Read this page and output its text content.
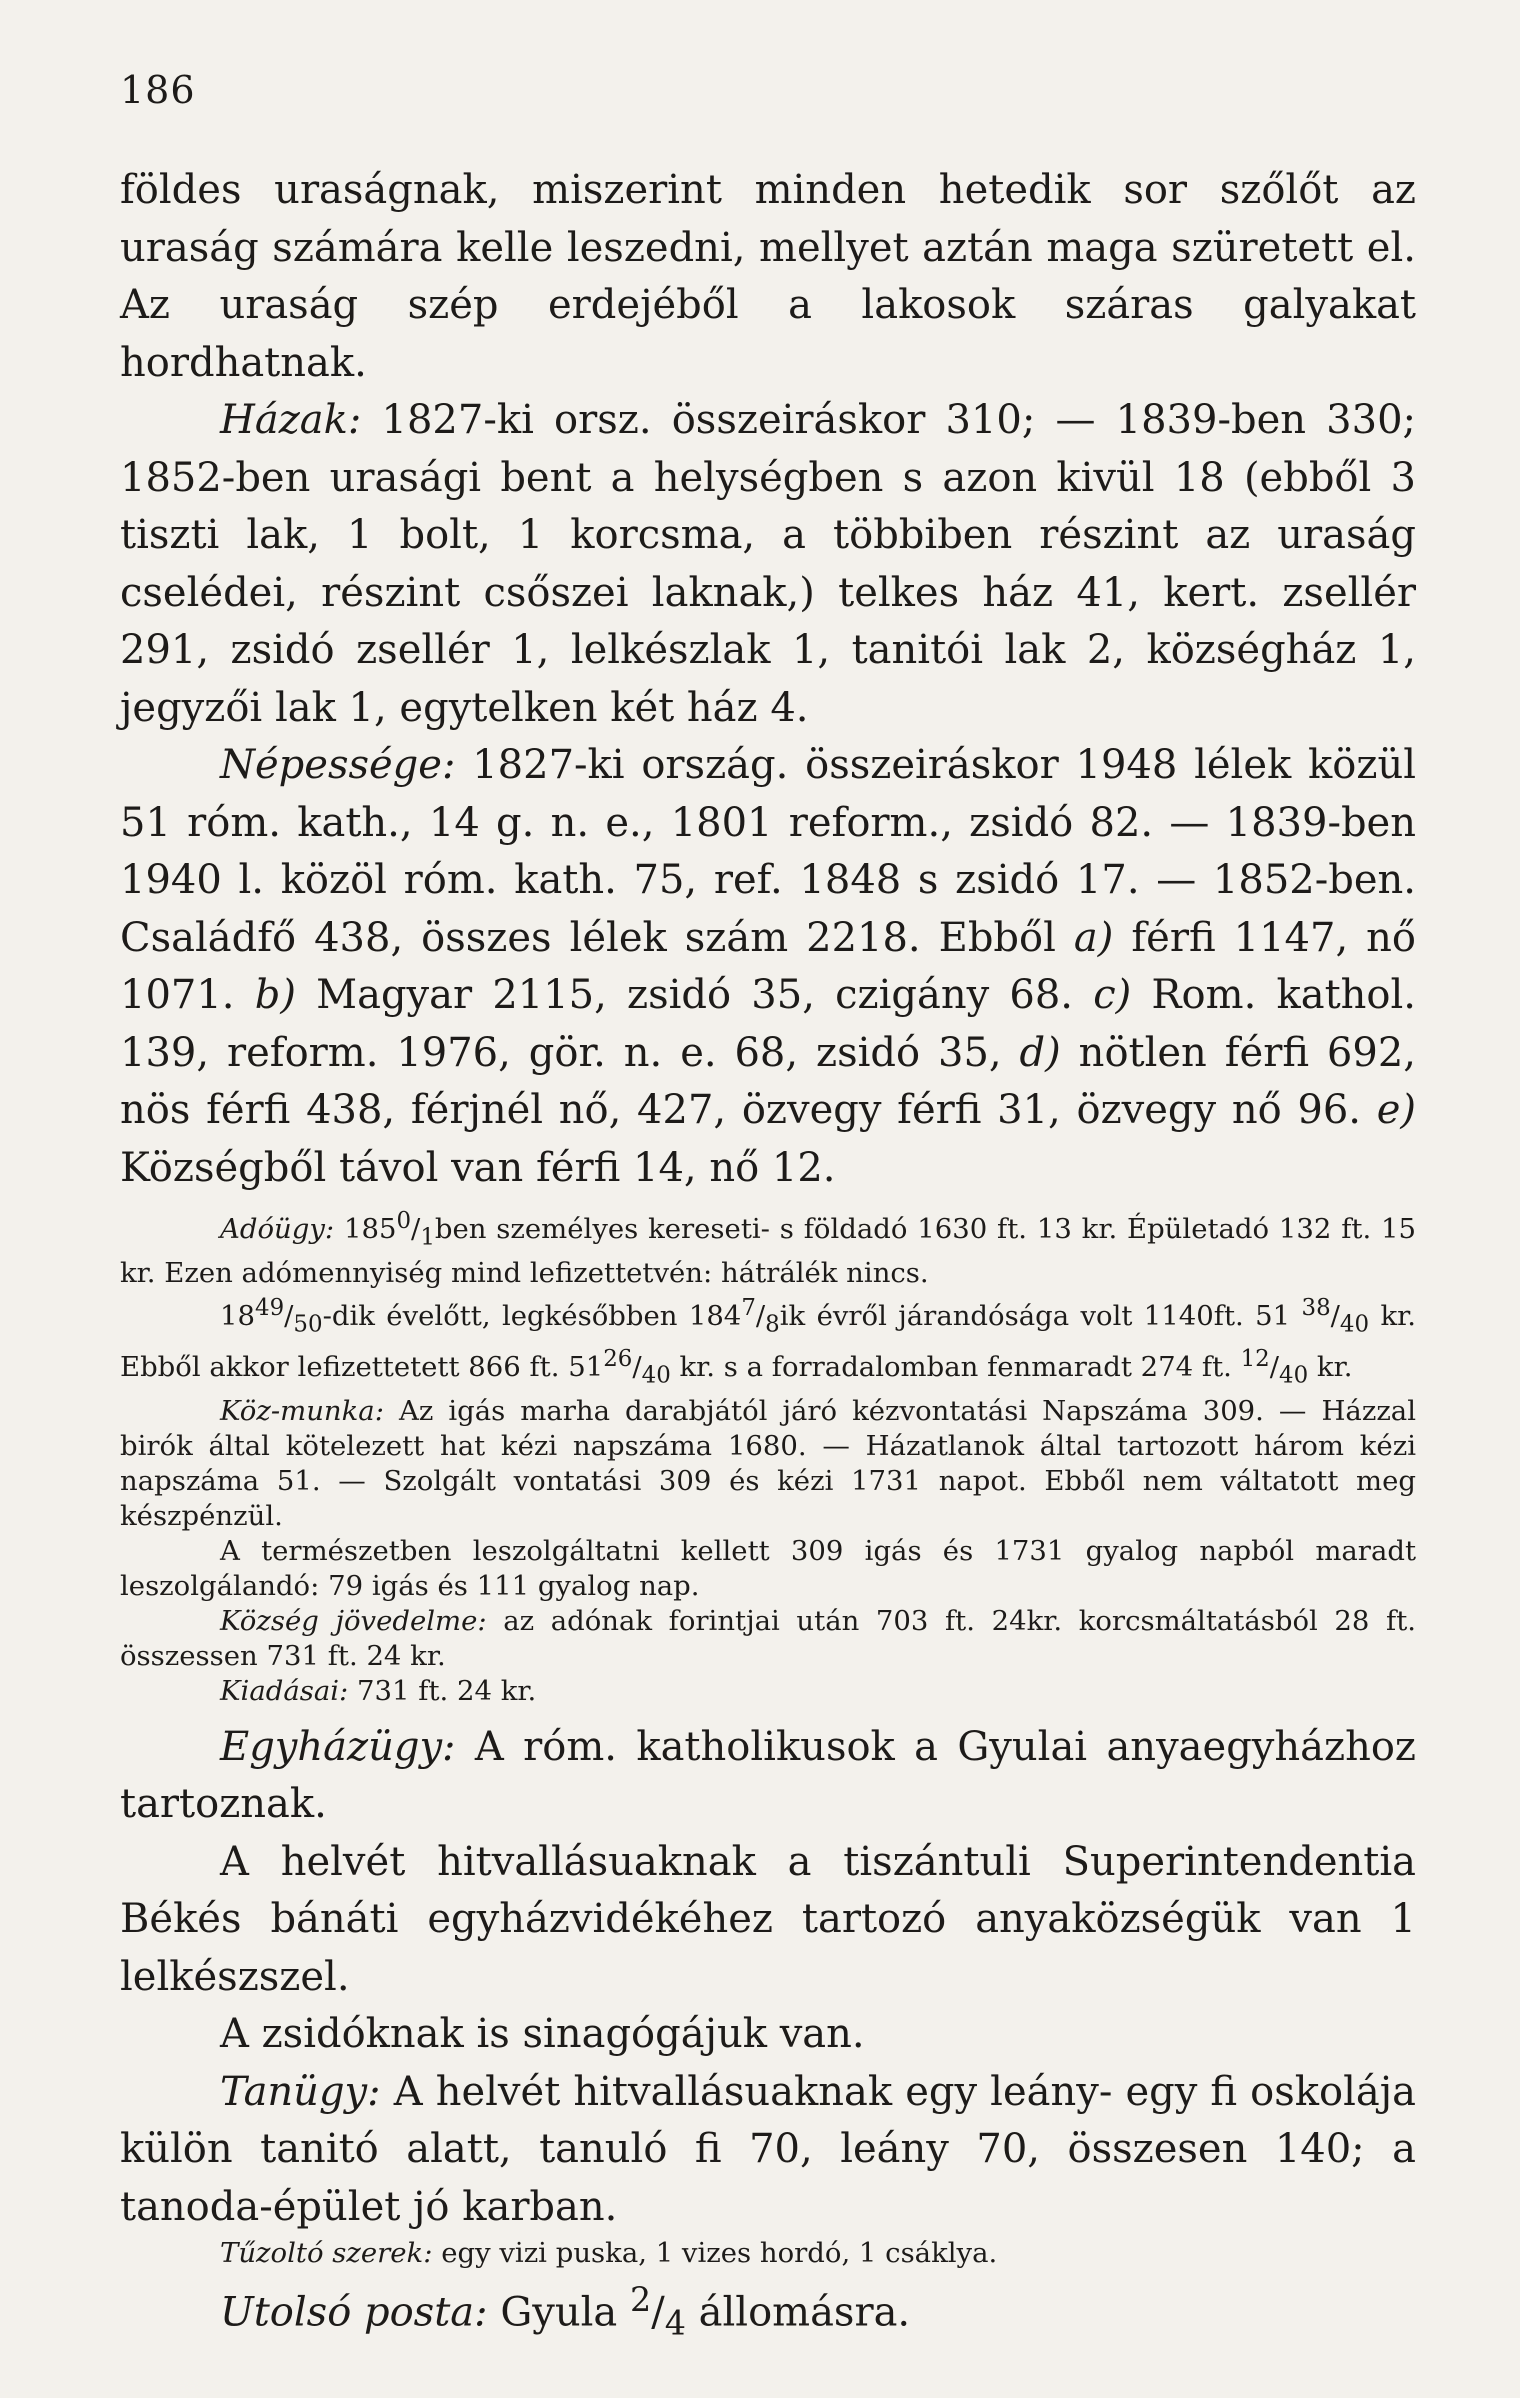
186

földes uraságnak, miszerint minden hetedik sor szőlőt az uraság számára kelle leszedni, mellyet aztán maga szüretett el. Az uraság szép erdejéből a lakosok száras galyakat hordhatnak.

Házak: 1827-ki orsz. összeiráskor 310; — 1839-ben 330; 1852-ben urasági bent a helységben s azon kivül 18 (ebből 3 tiszti lak, 1 bolt, 1 korcsma, a többiben részint az uraság cselédei, részint csőszei laknak,) telkes ház 41, kert. zsellér 291, zsidó zsellér 1, lelkészlak 1, tanitói lak 2, községház 1, jegyzői lak 1, egytelken két ház 4.

Népessége: 1827-ki ország. összeiráskor 1948 lélek közül 51 róm. kath., 14 g. n. e., 1801 reform., zsidó 82. — 1839-ben 1940 l. közöl róm. kath. 75, ref. 1848 s zsidó 17. — 1852-ben. Családfő 438, összes lélek szám 2218. Ebből a) férfi 1147, nő 1071. b) Magyar 2115, zsidó 35, czigány 68. c) Rom. kathol. 139, reform. 1976, gör. n. e. 68, zsidó 35, d) nötlen férfi 692, nös férfi 438, férjnél nő, 427, özvegy férfi 31, özvegy nő 96. e) Községből távol van férfi 14, nő 12.

Adóügy: $185^0/_1ben$ személyes kereseti- s földadó 1630 ft. 13 kr. Épületadó 132 ft. 15 kr. Ezen adómennyiség mind lefizettetvén: hátrálék nincs.

$18^{49}/_{50}$-dik évelőtt, legkésőbben $184^7/_8ik$ évről járandósága volt 1140ft. 51 $^{38}/_{40}$ kr. Ebből akkor lefizettetett 866 ft. $51^{26}/_{40}$ kr. s a forradalomban fenmaradt 274 ft. $^{12}/_{40}$ kr.

Köz-munka: Az igás marha darabjától járó kézvontatási Napszáma 309. — Házzal birók által kötelezett hat kézi napszáma 1680. — Házatlanok által tartozott három kézi napszáma 51. — Szolgált vontatási 309 és kézi 1731 napot. Ebből nem váltatott meg készpénzül.

A természetben leszolgáltatni kellett 309 igás és 1731 gyalog napból maradt leszolgálandó: 79 igás és 111 gyalog nap.

Község jövedelme: az adónak forintjai után 703 ft. 24kr. korcsmáltatásból 28 ft. összessen 731 ft. 24 kr.

Kiadásai: 731 ft. 24 kr.

Egyházügy: A róm. katholikusok a Gyulai anyaegyházhoz tartoznak.

A helvét hitvallásuaknak a tiszántuli Superintendentia Békés bánáti egyházvidékéhez tartozó anyaközségük van 1 lelkészszel.

A zsidóknak is sinagógájuk van.

Tanügy: A helvét hitvallásuaknak egy leány- egy fi oskolája külön tanitó alatt, tanuló fi 70, leány 70, összesen 140; a tanoda-épület jó karban.

Tűzoltó szerek: egy vizi puska, 1 vizes hordó, 1 csáklya.

Utolsó posta: Gyula $^2/_4$ állomásra.
